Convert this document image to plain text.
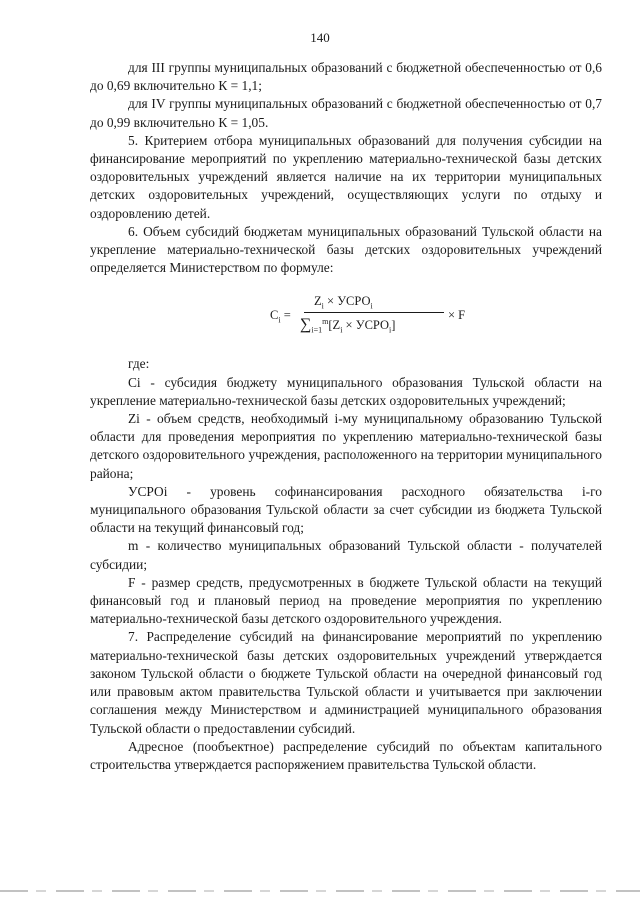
140

для III группы муниципальных образований с бюджетной обеспеченностью от 0,6 до 0,69 включительно К = 1,1;

для IV группы муниципальных образований с бюджетной обеспеченностью от 0,7 до 0,99 включительно К = 1,05.

5. Критерием отбора муниципальных образований для получения субсидии на финансирование мероприятий по укреплению материально-технической базы детских оздоровительных учреждений является наличие на их территории муниципальных детских оздоровительных учреждений, осуществляющих услуги по отдыху и оздоровлению детей.

6. Объем субсидий бюджетам муниципальных образований Тульской области на укрепление материально-технической базы детских оздоровительных учреждений определяется Министерством по формуле:

$C_i$ =
$Z_i$ × $УСРО_i$
$\sum_{i=1}^m[Z_i$ × $УСРО_i$]
× F

где:

Ci - субсидия бюджету муниципального образования Тульской области на укрепление материально-технической базы детских оздоровительных учреждений;

Zi - объем средств, необходимый i-му муниципальному образованию Тульской области для проведения мероприятия по укреплению материально-технической базы детского оздоровительного учреждения, расположенного на территории муниципального района;

УСРОi - уровень софинансирования расходного обязательства i-го муниципального образования Тульской области за счет субсидии из бюджета Тульской области на текущий финансовый год;

m - количество муниципальных образований Тульской области - получателей субсидии;

F - размер средств, предусмотренных в бюджете Тульской области на текущий финансовый год и плановый период на проведение мероприятия по укреплению материально-технической базы детского оздоровительного учреждения.

7. Распределение субсидий на финансирование мероприятий по укреплению материально-технической базы детских оздоровительных учреждений утверждается законом Тульской области о бюджете Тульской области на очередной финансовый год или правовым актом правительства Тульской области и учитывается при заключении соглашения между Министерством и администрацией муниципального образования Тульской области о предоставлении субсидий.

Адресное (пообъектное) распределение субсидий по объектам капитального строительства утверждается распоряжением правительства Тульской области.
